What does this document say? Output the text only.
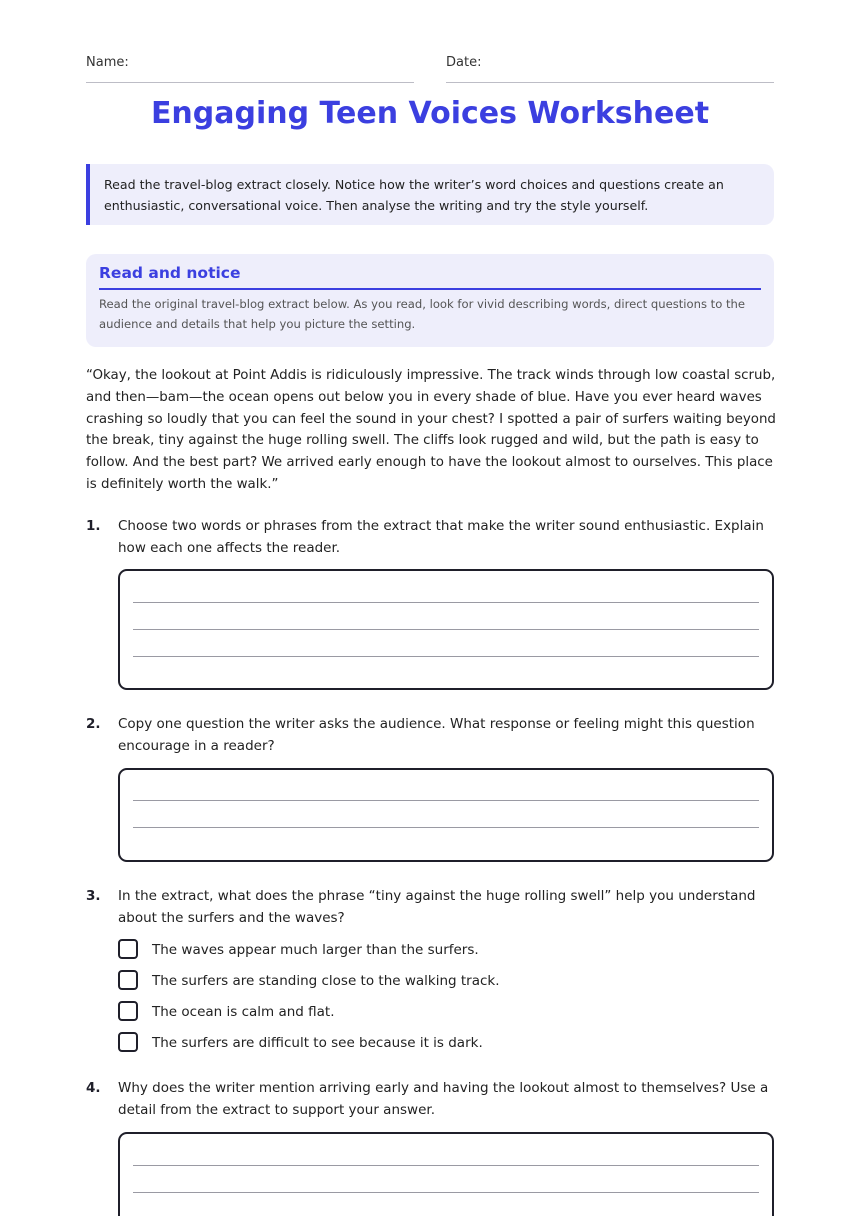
Name:	Date:
Engaging Teen Voices Worksheet
Read the travel-blog extract closely. Notice how the writer’s word choices and questions create an enthusiastic, conversational voice. Then analyse the writing and try the style yourself.
Read and notice

Read the original travel-blog extract below. As you read, look for vivid describing words, direct questions to the audience and details that help you picture the setting.

“Okay, the lookout at Point Addis is ridiculously impressive. The track winds through low coastal scrub, and then—bam—the ocean opens out below you in every shade of blue. Have you ever heard waves crashing so loudly that you can feel the sound in your chest? I spotted a pair of surfers waiting beyond the break, tiny against the huge rolling swell. The cliffs look rugged and wild, but the path is easy to follow. And the best part? We arrived early enough to have the lookout almost to ourselves. This place is definitely worth the walk.”

1. Choose two words or phrases from the extract that make the writer sound enthusiastic. Explain how each one affects the reader.
2. Copy one question the writer asks the audience. What response or feeling might this question encourage in a reader?
3. In the extract, what does the phrase “tiny against the huge rolling swell” help you understand about the surfers and the waves?
The waves appear much larger than the surfers.
The surfers are standing close to the walking track.
The ocean is calm and flat.
The surfers are difficult to see because it is dark.
4. Why does the writer mention arriving early and having the lookout almost to themselves? Use a detail from the extract to support your answer.
